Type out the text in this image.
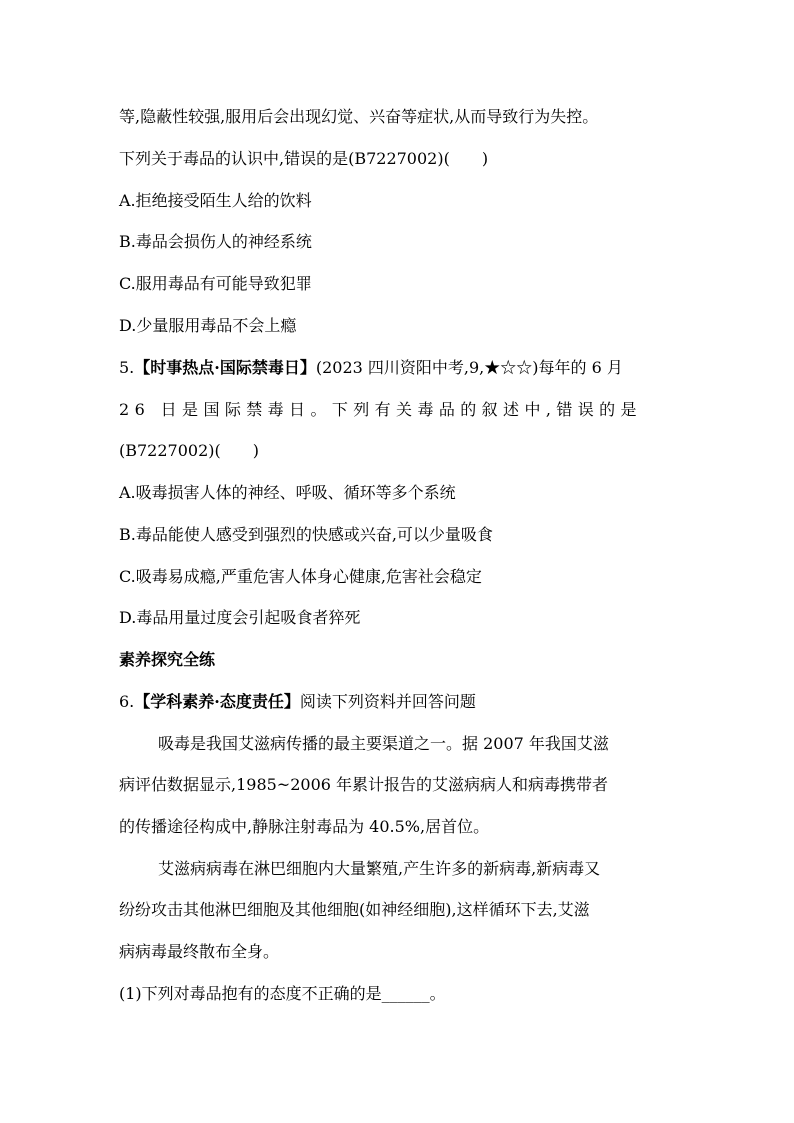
等,隐蔽性较强,服用后会出现幻觉、兴奋等症状,从而导致行为失控。
下列关于毒品的认识中,错误的是(B7227002)(　　)
A.拒绝接受陌生人给的饮料
B.毒品会损伤人的神经系统
C.服用毒品有可能导致犯罪
D.少量服用毒品不会上瘾
5.【时事热点·国际禁毒日】(2023 四川资阳中考,9,★☆☆)每年的 6 月
26 日是国际禁毒日。下列有关毒品的叙述中,错误的是
(B7227002)(　　)
A.吸毒损害人体的神经、呼吸、循环等多个系统
B.毒品能使人感受到强烈的快感或兴奋,可以少量吸食
C.吸毒易成瘾,严重危害人体身心健康,危害社会稳定
D.毒品用量过度会引起吸食者猝死
素养探究全练
6.【学科素养·态度责任】阅读下列资料并回答问题
吸毒是我国艾滋病传播的最主要渠道之一。据 2007 年我国艾滋
病评估数据显示,1985~2006 年累计报告的艾滋病病人和病毒携带者
的传播途径构成中,静脉注射毒品为 40.5%,居首位。
艾滋病病毒在淋巴细胞内大量繁殖,产生许多的新病毒,新病毒又
纷纷攻击其他淋巴细胞及其他细胞(如神经细胞),这样循环下去,艾滋
病病毒最终散布全身。
(1)下列对毒品抱有的态度不正确的是______。
